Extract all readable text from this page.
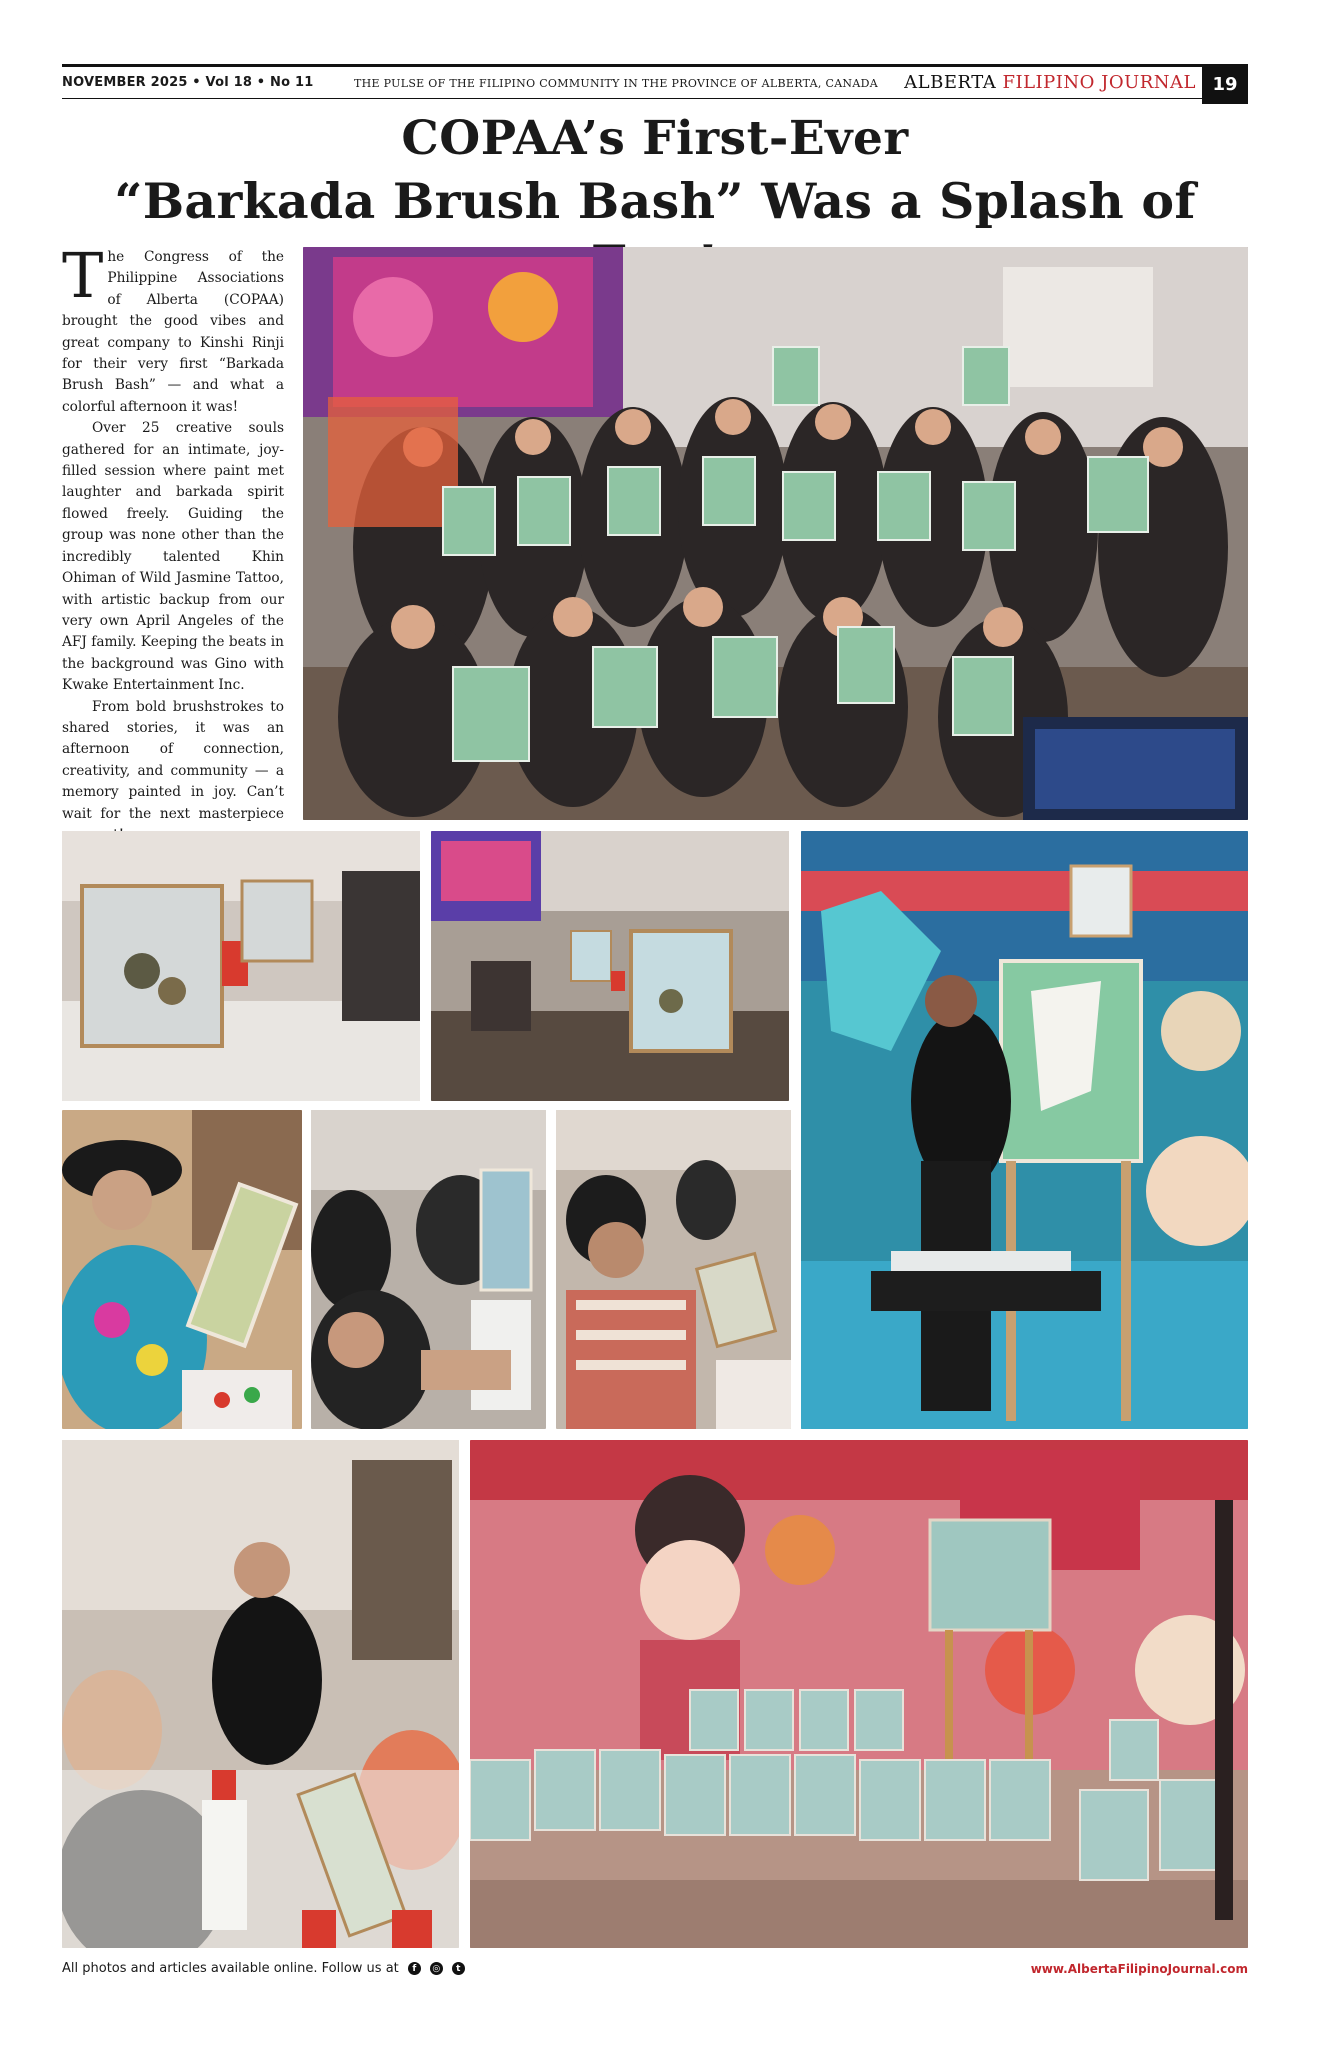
NOVEMBER 2025 • Vol 18 • No 11	THE PULSE OF THE FILIPINO COMMUNITY IN THE PROVINCE OF ALBERTA, CANADA ALBERTA FILIPINO JOURNAL 19
COPAA’s First-Ever
“Barkada Brush Bash” Was a Splash of

The Congress of the Philippine Associations of Alberta (COPAA) brought the good vibes and great company to Kinshi Rinji for their very first “Barkada Brush Bash” — and what a colorful afternoon it was!

Over 25 creative souls gathered for an intimate, joy-filled session where paint met laughter and barkada spirit flowed freely. Guiding the group was none other than the incredibly talented Khin Ohiman of Wild Jasmine Tattoo, with artistic backup from our very own April Angeles of the AFJ family. Keeping the beats in the background was Gino with Kwake Entertainment Inc.

From bold brushstrokes to shared stories, it was an afternoon of connection, creativity, and community — a memory painted in joy. Can’t wait for the next masterpiece

All photos and articles available online. Follow us at	f	◎	t	www.AlbertaFilipinoJournal.com
